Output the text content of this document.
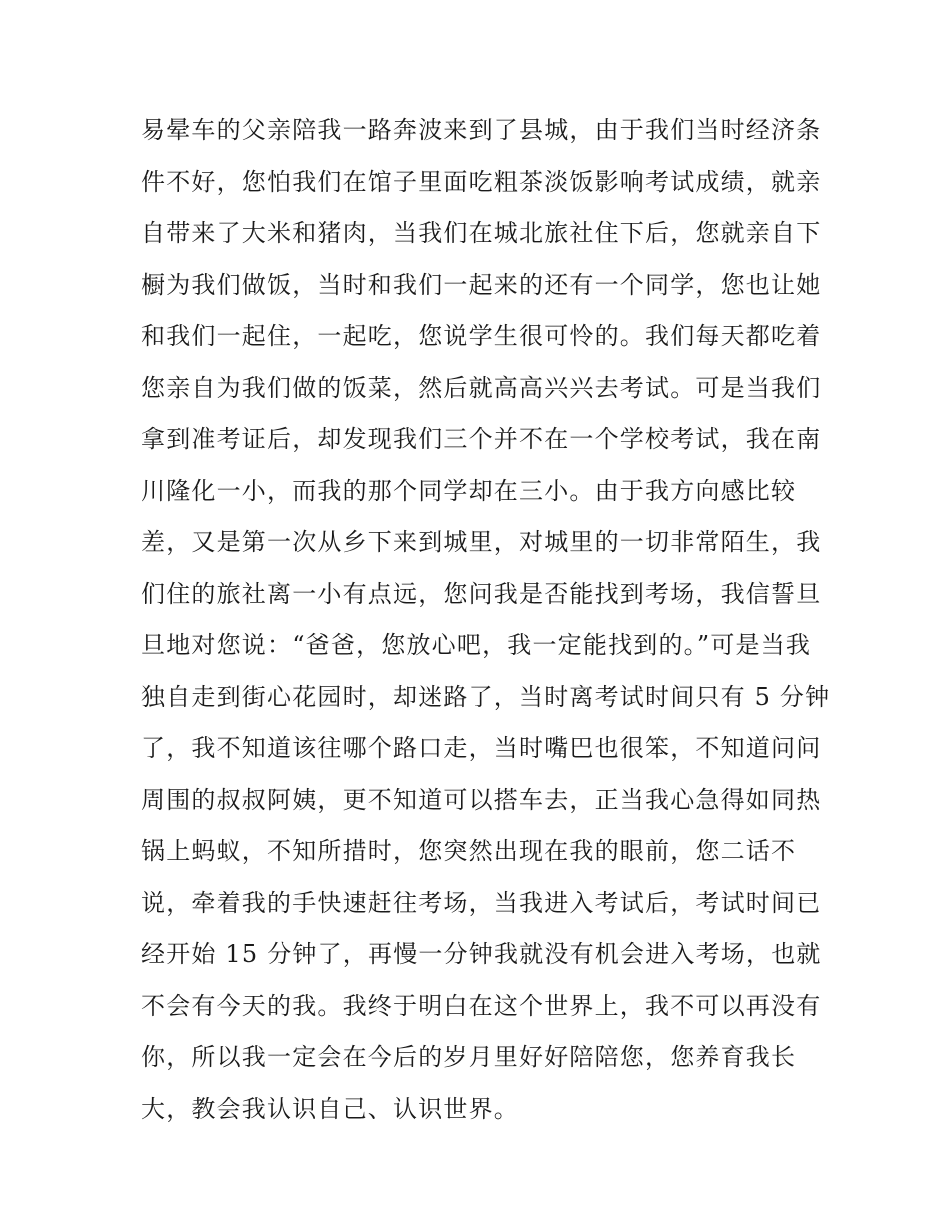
易晕车的父亲陪我一路奔波来到了县城，由于我们当时经济条
件不好，您怕我们在馆子里面吃粗茶淡饭影响考试成绩，就亲
自带来了大米和猪肉，当我们在城北旅社住下后，您就亲自下
橱为我们做饭，当时和我们一起来的还有一个同学，您也让她
和我们一起住，一起吃，您说学生很可怜的。我们每天都吃着
您亲自为我们做的饭菜，然后就高高兴兴去考试。可是当我们
拿到准考证后，却发现我们三个并不在一个学校考试，我在南
川隆化一小，而我的那个同学却在三小。由于我方向感比较
差，又是第一次从乡下来到城里，对城里的一切非常陌生，我
们住的旅社离一小有点远，您问我是否能找到考场，我信誓旦
旦地对您说：“爸爸，您放心吧，我一定能找到的。”可是当我
独自走到街心花园时，却迷路了，当时离考试时间只有 5 分钟
了，我不知道该往哪个路口走，当时嘴巴也很笨，不知道问问
周围的叔叔阿姨，更不知道可以搭车去，正当我心急得如同热
锅上蚂蚁，不知所措时，您突然出现在我的眼前，您二话不
说，牵着我的手快速赶往考场，当我进入考试后，考试时间已
经开始 15 分钟了，再慢一分钟我就没有机会进入考场，也就
不会有今天的我。我终于明白在这个世界上，我不可以再没有
你，所以我一定会在今后的岁月里好好陪陪您，您养育我长
大，教会我认识自己、认识世界。
